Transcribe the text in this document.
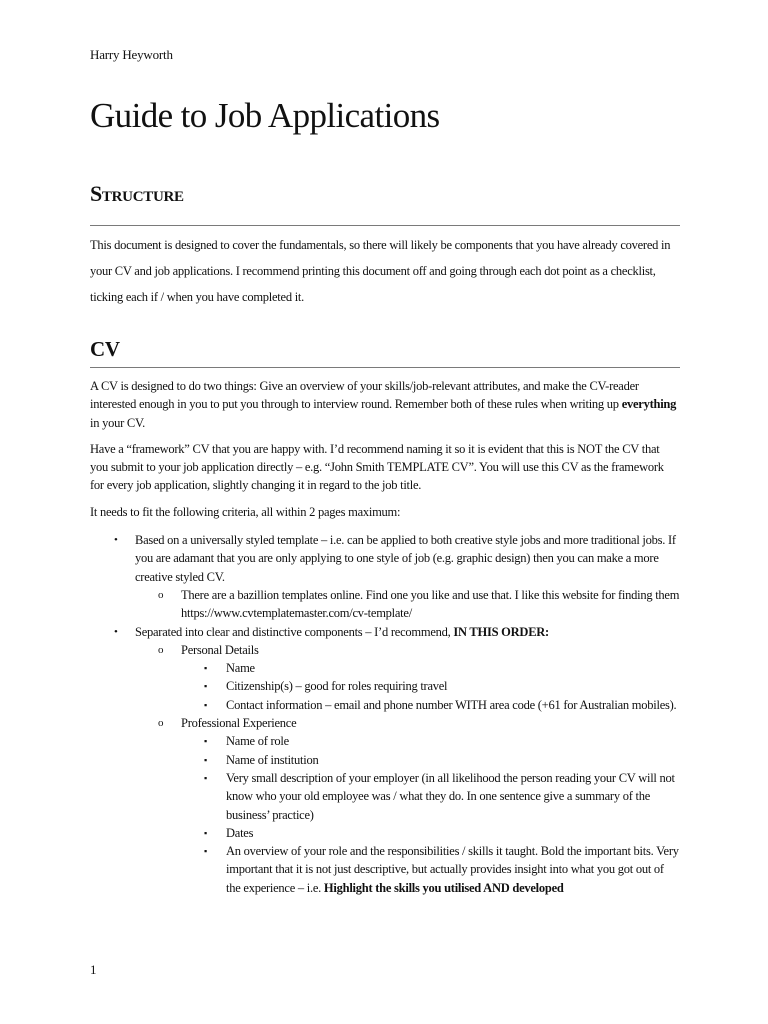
Harry Heyworth
Guide to Job Applications
Structure

This document is designed to cover the fundamentals, so there will likely be components that you have already covered in your CV and job applications. I recommend printing this document off and going through each dot point as a checklist, ticking each if / when you have completed it.

CV

A CV is designed to do two things: Give an overview of your skills/job-relevant attributes, and make the CV-reader interested enough in you to put you through to interview round. Remember both of these rules when writing up everything in your CV.

Have a “framework” CV that you are happy with. I’d recommend naming it so it is evident that this is NOT the CV that you submit to your job application directly – e.g. “John Smith TEMPLATE CV”. You will use this CV as the framework for every job application, slightly changing it in regard to the job title.

It needs to fit the following criteria, all within 2 pages maximum:

• Based on a universally styled template – i.e. can be applied to both creative style jobs and more traditional jobs. If you are adamant that you are only applying to one style of job (e.g. graphic design) then you can make a more creative styled CV.
o There are a bazillion templates online. Find one you like and use that. I like this website for finding them https://www.cvtemplatemaster.com/cv-template/
• Separated into clear and distinctive components – I’d recommend, IN THIS ORDER:
o Personal Details
▪ Name
▪ Citizenship(s) – good for roles requiring travel
▪ Contact information – email and phone number WITH area code (+61 for Australian mobiles).
o Professional Experience
▪ Name of role
▪ Name of institution
▪ Very small description of your employer (in all likelihood the person reading your CV will not know who your old employee was / what they do. In one sentence give a summary of the business’ practice)
▪ Dates
▪ An overview of your role and the responsibilities / skills it taught. Bold the important bits. Very important that it is not just descriptive, but actually provides insight into what you got out of the experience – i.e. Highlight the skills you utilised AND developed
1
